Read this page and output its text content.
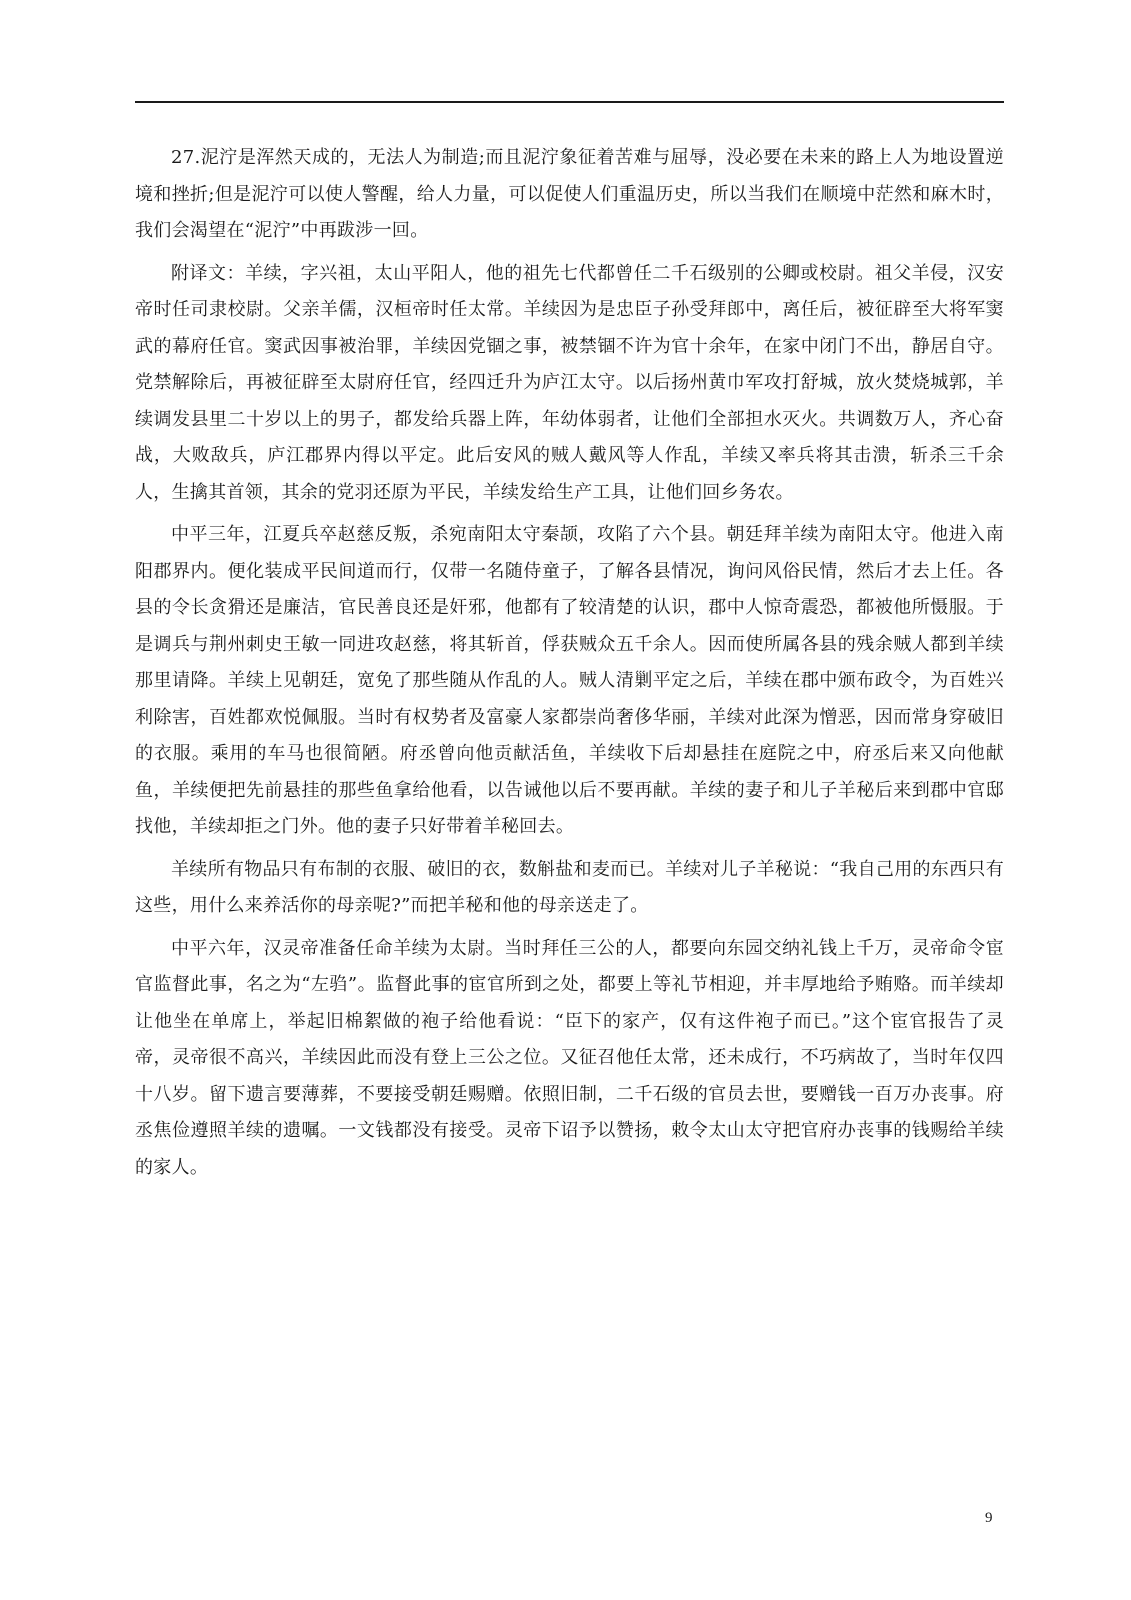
27.泥泞是浑然天成的，无法人为制造;而且泥泞象征着苦难与屈辱，没必要在未来的路上人为地设置逆境和挫折;但是泥泞可以使人警醒，给人力量，可以促使人们重温历史，所以当我们在顺境中茫然和麻木时，我们会渴望在“泥泞”中再跋涉一回。

附译文：羊续，字兴祖，太山平阳人，他的祖先七代都曾任二千石级别的公卿或校尉。祖父羊侵，汉安帝时任司隶校尉。父亲羊儒，汉桓帝时任太常。羊续因为是忠臣子孙受拜郎中，离任后，被征辟至大将军窦武的幕府任官。窦武因事被治罪，羊续因党锢之事，被禁锢不许为官十余年，在家中闭门不出，静居自守。党禁解除后，再被征辟至太尉府任官，经四迁升为庐江太守。以后扬州黄巾军攻打舒城，放火焚烧城郭，羊续调发县里二十岁以上的男子，都发给兵器上阵，年幼体弱者，让他们全部担水灭火。共调数万人，齐心奋战，大败敌兵，庐江郡界内得以平定。此后安风的贼人戴风等人作乱，羊续又率兵将其击溃，斩杀三千余人，生擒其首领，其余的党羽还原为平民，羊续发给生产工具，让他们回乡务农。

中平三年，江夏兵卒赵慈反叛，杀宛南阳太守秦颉，攻陷了六个县。朝廷拜羊续为南阳太守。他进入南阳郡界内。便化装成平民间道而行，仅带一名随侍童子，了解各县情况，询问风俗民情，然后才去上任。各县的令长贪猾还是廉洁，官民善良还是奸邪，他都有了较清楚的认识，郡中人惊奇震恐，都被他所慑服。于是调兵与荆州刺史王敏一同进攻赵慈，将其斩首，俘获贼众五千余人。因而使所属各县的残余贼人都到羊续那里请降。羊续上见朝廷，宽免了那些随从作乱的人。贼人清剿平定之后，羊续在郡中颁布政令，为百姓兴利除害，百姓都欢悦佩服。当时有权势者及富豪人家都崇尚奢侈华丽，羊续对此深为憎恶，因而常身穿破旧的衣服。乘用的车马也很简陋。府丞曾向他贡献活鱼，羊续收下后却悬挂在庭院之中，府丞后来又向他献鱼，羊续便把先前悬挂的那些鱼拿给他看，以告诫他以后不要再献。羊续的妻子和儿子羊秘后来到郡中官邸找他，羊续却拒之门外。他的妻子只好带着羊秘回去。

羊续所有物品只有布制的衣服、破旧的衣，数斛盐和麦而已。羊续对儿子羊秘说：“我自己用的东西只有这些，用什么来养活你的母亲呢?”而把羊秘和他的母亲送走了。

中平六年，汉灵帝准备任命羊续为太尉。当时拜任三公的人，都要向东园交纳礼钱上千万，灵帝命令宦官监督此事，名之为“左驺”。监督此事的宦官所到之处，都要上等礼节相迎，并丰厚地给予贿赂。而羊续却让他坐在单席上，举起旧棉絮做的袍子给他看说：“臣下的家产，仅有这件袍子而已。”这个宦官报告了灵帝，灵帝很不高兴，羊续因此而没有登上三公之位。又征召他任太常，还未成行，不巧病故了，当时年仅四十八岁。留下遗言要薄葬，不要接受朝廷赐赠。依照旧制，二千石级的官员去世，要赠钱一百万办丧事。府丞焦俭遵照羊续的遗嘱。一文钱都没有接受。灵帝下诏予以赞扬，敕令太山太守把官府办丧事的钱赐给羊续的家人。

9
